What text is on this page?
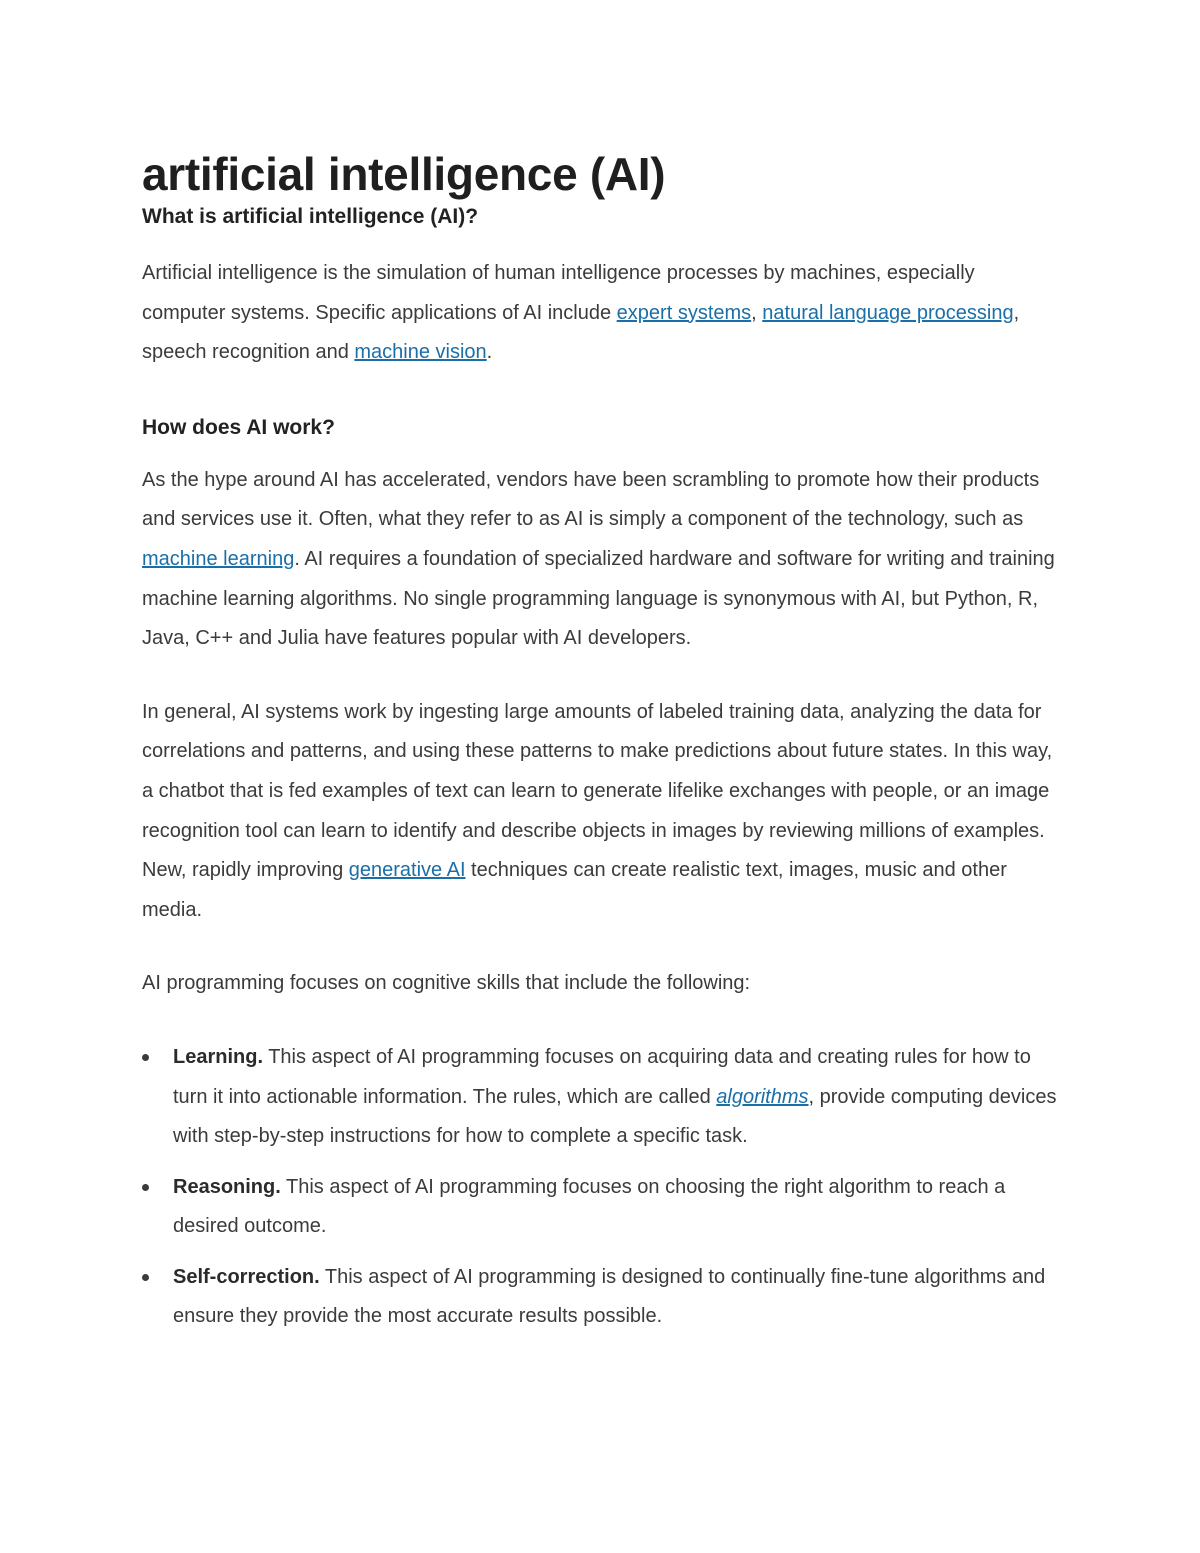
artificial intelligence (AI)
What is artificial intelligence (AI)?

Artificial intelligence is the simulation of human intelligence processes by machines, especially computer systems. Specific applications of AI include expert systems, natural language processing, speech recognition and machine vision.

How does AI work?

As the hype around AI has accelerated, vendors have been scrambling to promote how their products and services use it. Often, what they refer to as AI is simply a component of the technology, such as machine learning. AI requires a foundation of specialized hardware and software for writing and training machine learning algorithms. No single programming language is synonymous with AI, but Python, R, Java, C++ and Julia have features popular with AI developers.

In general, AI systems work by ingesting large amounts of labeled training data, analyzing the data for correlations and patterns, and using these patterns to make predictions about future states. In this way, a chatbot that is fed examples of text can learn to generate lifelike exchanges with people, or an image recognition tool can learn to identify and describe objects in images by reviewing millions of examples. New, rapidly improving generative AI techniques can create realistic text, images, music and other media.

AI programming focuses on cognitive skills that include the following:

Learning. This aspect of AI programming focuses on acquiring data and creating rules for how to turn it into actionable information. The rules, which are called algorithms, provide computing devices with step-by-step instructions for how to complete a specific task.
Reasoning. This aspect of AI programming focuses on choosing the right algorithm to reach a desired outcome.
Self-correction. This aspect of AI programming is designed to continually fine-tune algorithms and ensure they provide the most accurate results possible.
